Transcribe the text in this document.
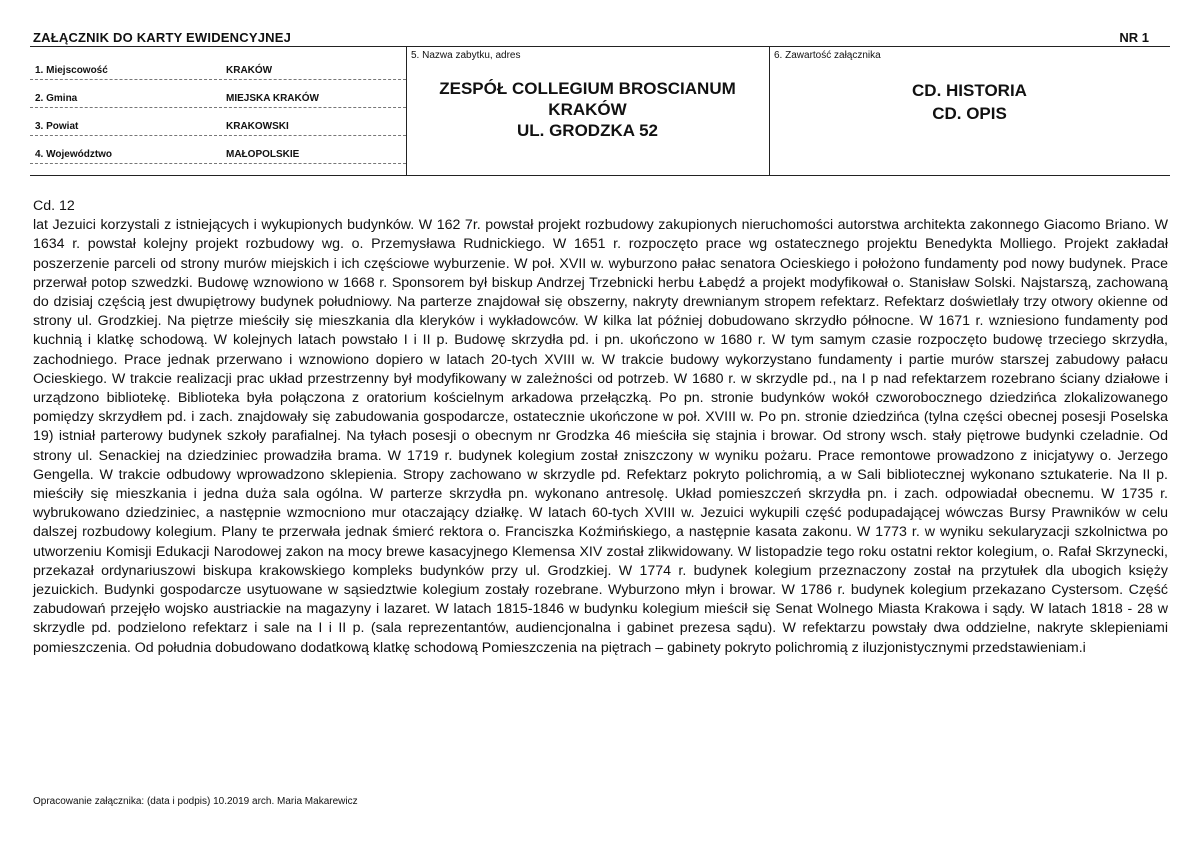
ZAŁĄCZNIK DO KARTY EWIDENCYJNEJ	NR 1
1. Miejscowość	KRAKÓW
2. Gmina	MIEJSKA KRAKÓW
3. Powiat	KRAKOWSKI
4. Województwo	MAŁOPOLSKIE
5. Nazwa zabytku, adres
ZESPÓŁ COLLEGIUM BROSCIANUM
KRAKÓW
UL. GRODZKA 52
6. Zawartość załącznika
CD. HISTORIA
CD. OPIS

Cd. 12

lat Jezuici korzystali z istniejących i wykupionych budynków. W 162 7r. powstał projekt rozbudowy zakupionych nieruchomości autorstwa architekta zakonnego Giacomo Briano. W 1634 r. powstał kolejny projekt rozbudowy wg. o. Przemysława Rudnickiego. W 1651 r. rozpoczęto prace wg ostatecznego projektu Benedykta Molliego. Projekt zakładał poszerzenie parceli od strony murów miejskich i ich częściowe wyburzenie. W poł. XVII w. wyburzono pałac senatora Ocieskiego i położono fundamenty pod nowy budynek. Prace przerwał potop szwedzki. Budowę wznowiono w 1668 r. Sponsorem był biskup Andrzej Trzebnicki herbu Łabędź a projekt modyfikował o. Stanisław Solski. Najstarszą, zachowaną do dzisiaj częścią jest dwupiętrowy budynek południowy. Na parterze znajdował się obszerny, nakryty drewnianym stropem refektarz. Refektarz doświetlały trzy otwory okienne od strony ul. Grodzkiej. Na piętrze mieściły się mieszkania dla kleryków i wykładowców. W kilka lat później dobudowano skrzydło północne. W 1671 r. wzniesiono fundamenty pod kuchnią i klatkę schodową. W kolejnych latach powstało I i II p. Budowę skrzydła pd. i pn. ukończono w 1680 r. W tym samym czasie rozpoczęto budowę trzeciego skrzydła, zachodniego. Prace jednak przerwano i wznowiono dopiero w latach 20-tych XVIII w. W trakcie budowy wykorzystano fundamenty i partie murów starszej zabudowy pałacu Ocieskiego. W trakcie realizacji prac układ przestrzenny był modyfikowany w zależności od potrzeb. W 1680 r. w skrzydle pd., na I p nad refektarzem rozebrano ściany działowe i urządzono bibliotekę. Biblioteka była połączona z oratorium kościelnym arkadowa przełączką. Po pn. stronie budynków wokół czworobocznego dziedzińca zlokalizowanego pomiędzy skrzydłem pd. i zach. znajdowały się zabudowania gospodarcze, ostatecznie ukończone w poł. XVIII w. Po pn. stronie dziedzińca (tylna części obecnej posesji Poselska 19) istniał parterowy budynek szkoły parafialnej. Na tyłach posesji o obecnym nr Grodzka 46 mieściła się stajnia i browar. Od strony wsch. stały piętrowe budynki czeladnie. Od strony ul. Senackiej na dziedziniec prowadziła brama. W 1719 r. budynek kolegium został zniszczony w wyniku pożaru. Prace remontowe prowadzono z inicjatywy o. Jerzego Gengella. W trakcie odbudowy wprowadzono sklepienia. Stropy zachowano w skrzydle pd. Refektarz pokryto polichromią, a w Sali bibliotecznej wykonano sztukaterie. Na II p. mieściły się mieszkania i jedna duża sala ogólna. W parterze skrzydła pn. wykonano antresolę. Układ pomieszczeń skrzydła pn. i zach. odpowiadał obecnemu. W 1735 r. wybrukowano dziedziniec, a następnie wzmocniono mur otaczający działkę. W latach 60-tych XVIII w. Jezuici wykupili część podupadającej wówczas Bursy Prawników w celu dalszej rozbudowy kolegium. Plany te przerwała jednak śmierć rektora o. Franciszka Koźmińskiego, a następnie kasata zakonu. W 1773 r. w wyniku sekularyzacji szkolnictwa po utworzeniu Komisji Edukacji Narodowej zakon na mocy brewe kasacyjnego Klemensa XIV został zlikwidowany. W listopadzie tego roku ostatni rektor kolegium, o. Rafał Skrzynecki, przekazał ordynariuszowi biskupa krakowskiego kompleks budynków przy ul. Grodzkiej. W 1774 r. budynek kolegium przeznaczony został na przytułek dla ubogich księży jezuickich. Budynki gospodarcze usytuowane w sąsiedztwie kolegium zostały rozebrane. Wyburzono młyn i browar. W 1786 r. budynek kolegium przekazano Cystersom. Część zabudowań przejęło wojsko austriackie na magazyny i lazaret. W latach 1815-1846 w budynku kolegium mieścił się Senat Wolnego Miasta Krakowa i sądy. W latach 1818 - 28 w skrzydle pd. podzielono refektarz i sale na I i II p. (sala reprezentantów, audiencjonalna i gabinet prezesa sądu). W refektarzu powstały dwa oddzielne, nakryte sklepieniami pomieszczenia. Od południa dobudowano dodatkową klatkę schodową Pomieszczenia na piętrach – gabinety pokryto polichromią z iluzjonistycznymi przedstawieniam.i

Opracowanie załącznika: (data i podpis) 10.2019 arch. Maria Makarewicz
